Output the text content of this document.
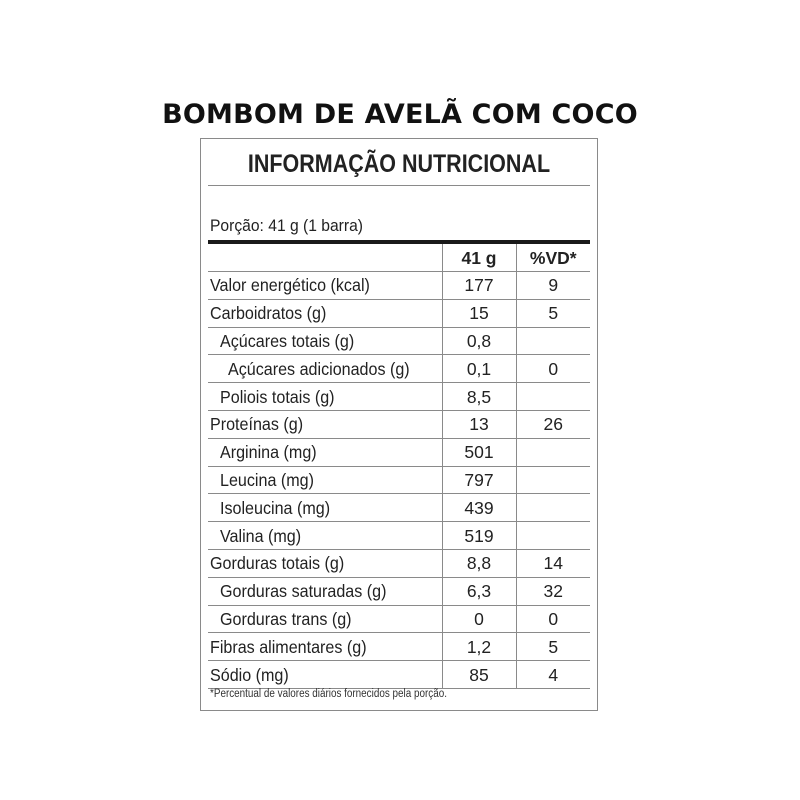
BOMBOM DE AVELÃ COM COCO
INFORMAÇÃO NUTRICIONAL
Porção: 41 g (1 barra)
	41 g	%VD*
Valor energético (kcal)	177	9
Carboidratos (g)	15	5
Açúcares totais (g)	0,8	
Açúcares adicionados (g)	0,1	0
Poliois totais (g)	8,5	
Proteínas (g)	13	26
Arginina (mg)	501	
Leucina (mg)	797	
Isoleucina (mg)	439	
Valina (mg)	519	
Gorduras totais (g)	8,8	14
Gorduras saturadas (g)	6,3	32
Gorduras trans (g)	0	0
Fibras alimentares (g)	1,2	5
Sódio (mg)	85	4
*Percentual de valores diários fornecidos pela porção.
